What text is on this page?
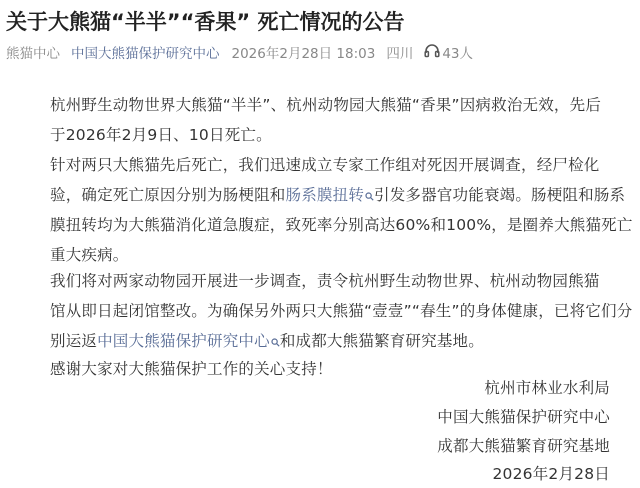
关于大熊猫“半半”“香果” 死亡情况的公告
熊猫中心 中国大熊猫保护研究中心 2026年2月28日 18:03 四川 43人
杭州野生动物世界大熊猫“半半”、杭州动物园大熊猫“香果”因病救治无效，先后
于2026年2月9日、10日死亡。
针对两只大熊猫先后死亡，我们迅速成立专家工作组对死因开展调查，经尸检化
验，确定死亡原因分别为肠梗阻和肠系膜扭转 引发多器官功能衰竭。肠梗阻和肠系
膜扭转均为大熊猫消化道急腹症，致死率分别高达60%和100%，是圈养大熊猫死亡
重大疾病。
我们将对两家动物园开展进一步调查，责令杭州野生动物世界、杭州动物园熊猫
馆从即日起闭馆整改。为确保另外两只大熊猫“壹壹”“春生”的身体健康，已将它们分
别运返中国大熊猫保护研究中心 和成都大熊猫繁育研究基地。
感谢大家对大熊猫保护工作的关心支持！
杭州市林业水利局
中国大熊猫保护研究中心
成都大熊猫繁育研究基地
2026年2月28日
